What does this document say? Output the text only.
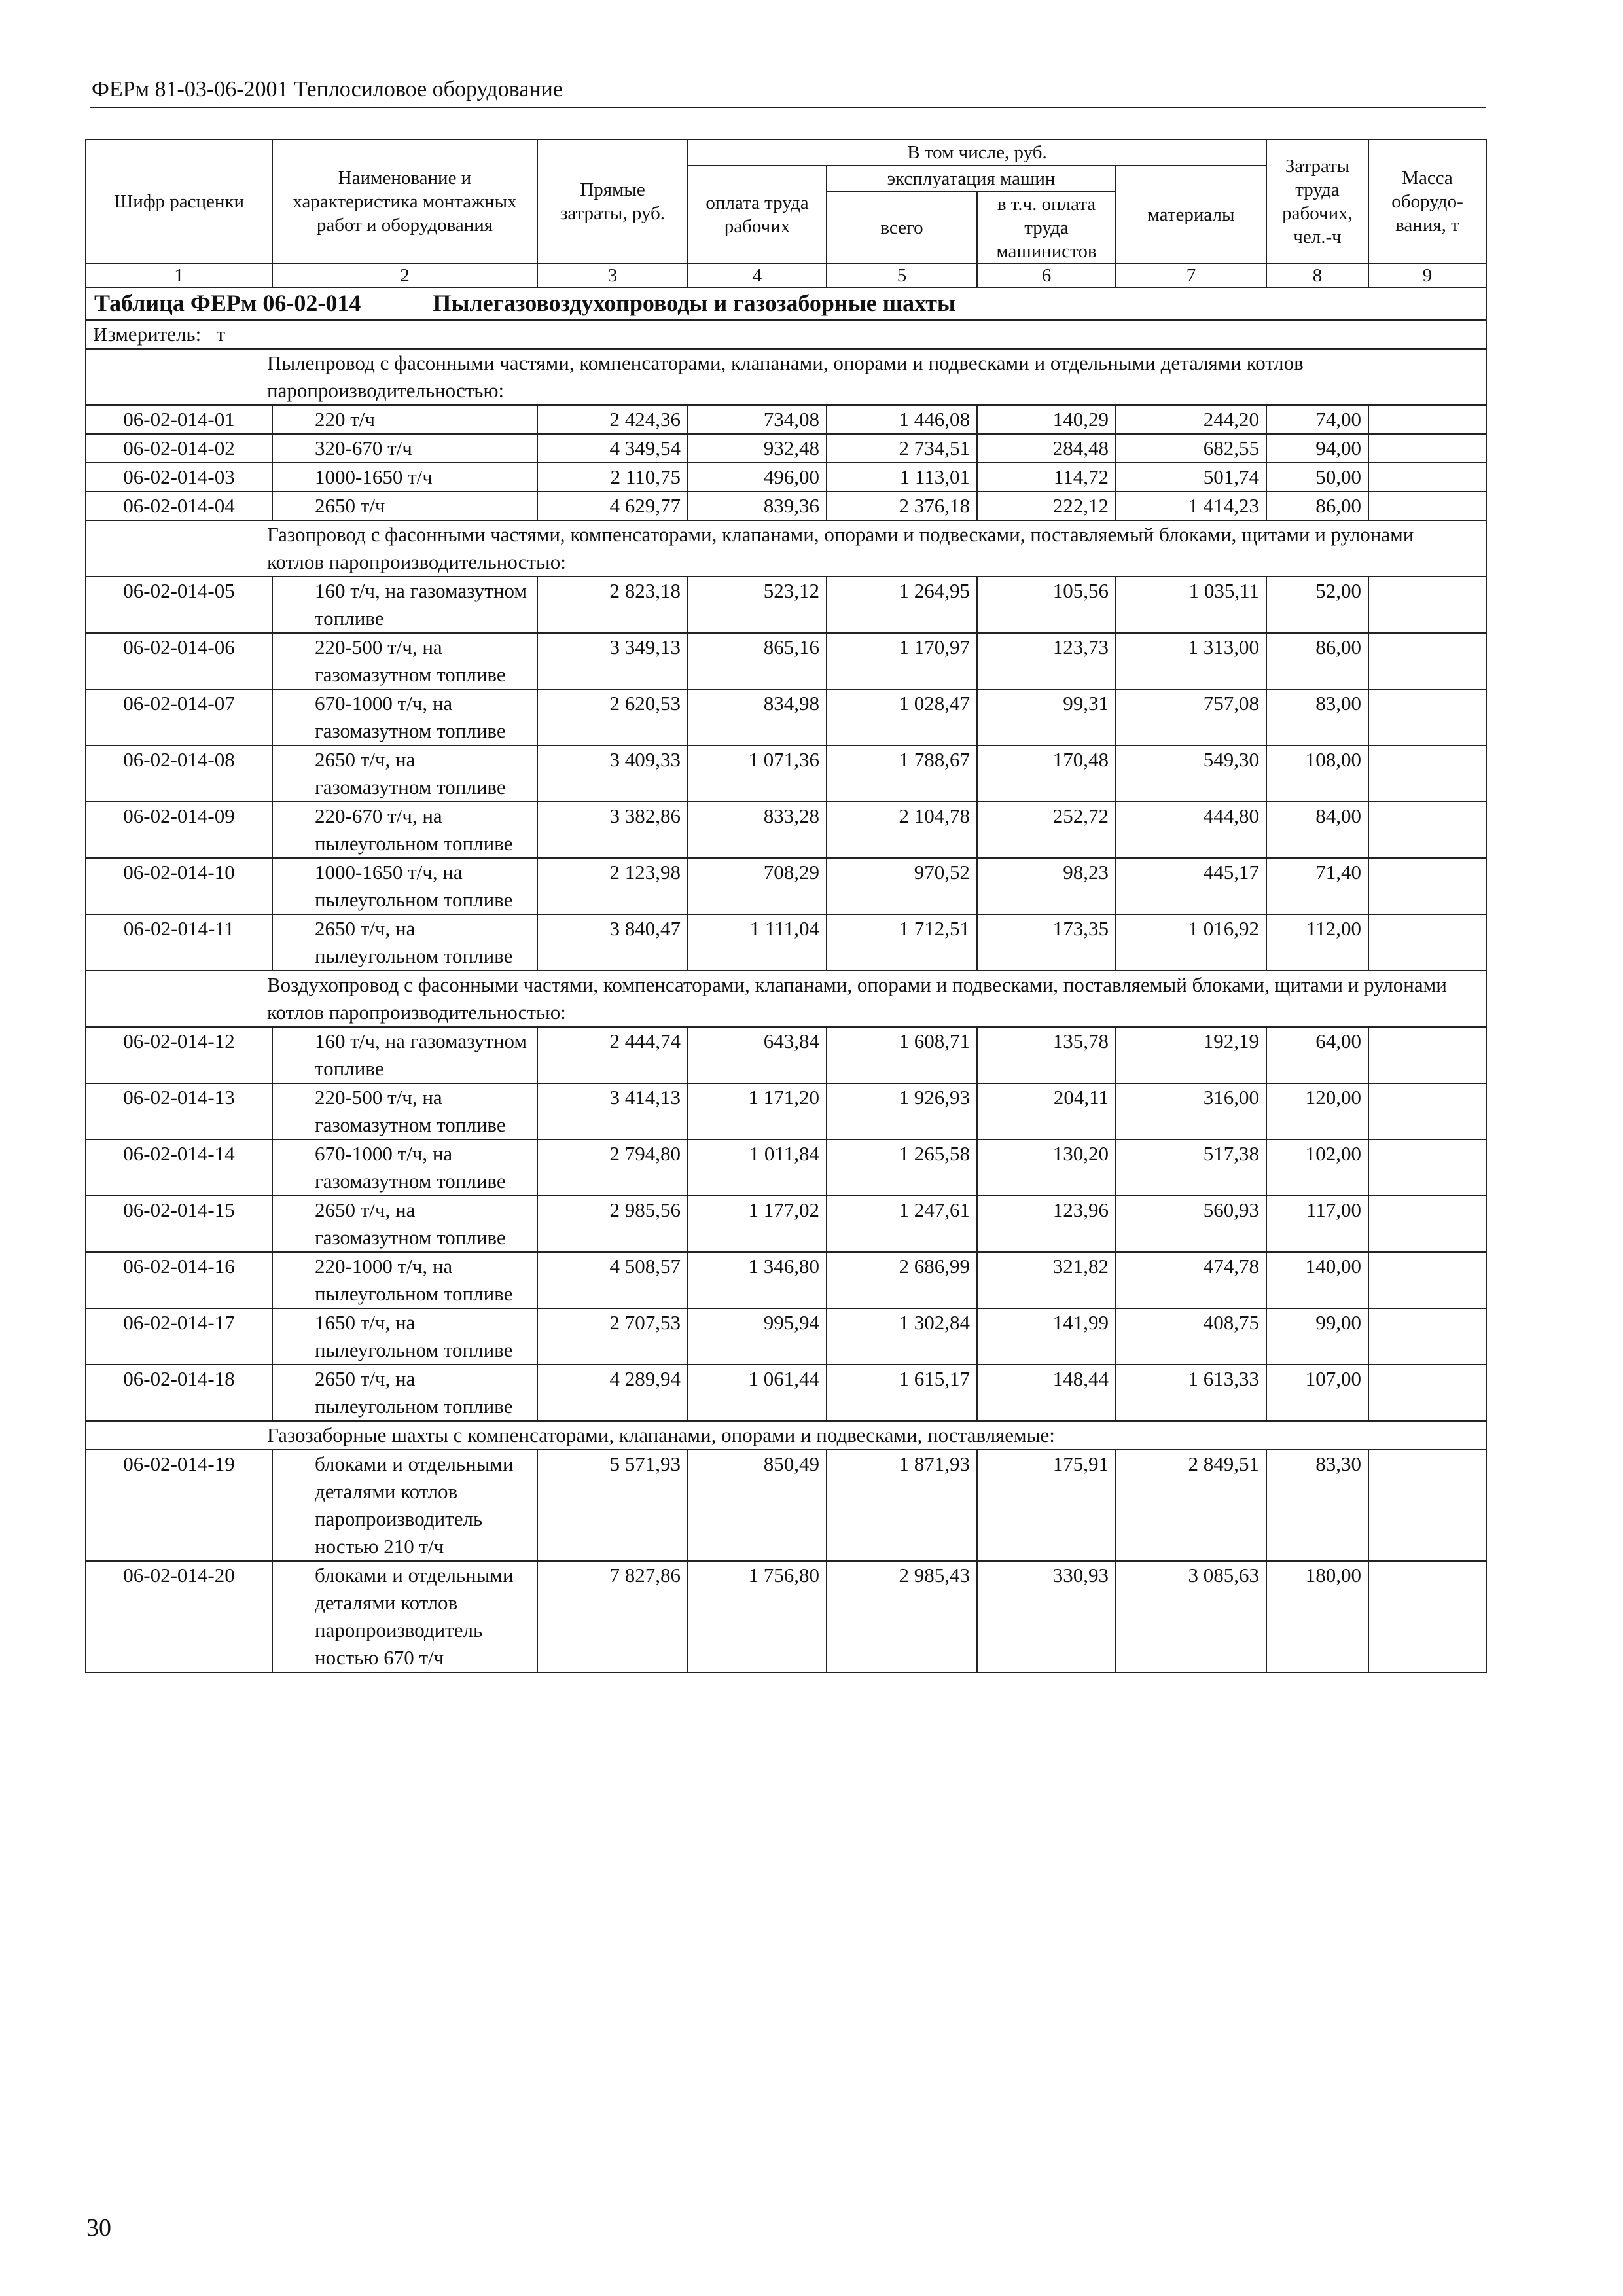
ФЕРм 81-03-06-2001 Теплосиловое оборудование
Шифр расценки	Наименование и характеристика монтажных работ и оборудования	Прямые затраты, руб.	В том числе, руб.	Затраты труда рабочих, чел.-ч	Масса оборудо-вания, т
оплата труда рабочих	эксплуатация машин	материалы
всего	в т.ч. оплата труда машинистов
1	2	3	4	5	6	7	8	9
Таблица ФЕРм 06-02-014	Пылегазовоздухопроводы и газозаборные шахты
Измеритель: т
	Пылепровод с фасонными частями, компенсаторами, клапанами, опорами и подвесками и отдельными деталями котлов паропроизводительностью:
06-02-014-01	220 т/ч	2 424,36	734,08	1 446,08	140,29	244,20	74,00	
06-02-014-02	320-670 т/ч	4 349,54	932,48	2 734,51	284,48	682,55	94,00	
06-02-014-03	1000-1650 т/ч	2 110,75	496,00	1 113,01	114,72	501,74	50,00	
06-02-014-04	2650 т/ч	4 629,77	839,36	2 376,18	222,12	1 414,23	86,00	
	Газопровод с фасонными частями, компенсаторами, клапанами, опорами и подвесками, поставляемый блоками, щитами и рулонами котлов паропроизводительностью:
06-02-014-05	160 т/ч, на газомазутном топливе	2 823,18	523,12	1 264,95	105,56	1 035,11	52,00	
06-02-014-06	220-500 т/ч, на газомазутном топливе	3 349,13	865,16	1 170,97	123,73	1 313,00	86,00	
06-02-014-07	670-1000 т/ч, на газомазутном топливе	2 620,53	834,98	1 028,47	99,31	757,08	83,00	
06-02-014-08	2650 т/ч, на газомазутном топливе	3 409,33	1 071,36	1 788,67	170,48	549,30	108,00	
06-02-014-09	220-670 т/ч, на пылеугольном топливе	3 382,86	833,28	2 104,78	252,72	444,80	84,00	
06-02-014-10	1000-1650 т/ч, на пылеугольном топливе	2 123,98	708,29	970,52	98,23	445,17	71,40	
06-02-014-11	2650 т/ч, на пылеугольном топливе	3 840,47	1 111,04	1 712,51	173,35	1 016,92	112,00	
	Воздухопровод с фасонными частями, компенсаторами, клапанами, опорами и подвесками, поставляемый блоками, щитами и рулонами котлов паропроизводительностью:
06-02-014-12	160 т/ч, на газомазутном топливе	2 444,74	643,84	1 608,71	135,78	192,19	64,00	
06-02-014-13	220-500 т/ч, на газомазутном топливе	3 414,13	1 171,20	1 926,93	204,11	316,00	120,00	
06-02-014-14	670-1000 т/ч, на газомазутном топливе	2 794,80	1 011,84	1 265,58	130,20	517,38	102,00	
06-02-014-15	2650 т/ч, на газомазутном топливе	2 985,56	1 177,02	1 247,61	123,96	560,93	117,00	
06-02-014-16	220-1000 т/ч, на пылеугольном топливе	4 508,57	1 346,80	2 686,99	321,82	474,78	140,00	
06-02-014-17	1650 т/ч, на пылеугольном топливе	2 707,53	995,94	1 302,84	141,99	408,75	99,00	
06-02-014-18	2650 т/ч, на пылеугольном топливе	4 289,94	1 061,44	1 615,17	148,44	1 613,33	107,00	
	Газозаборные шахты с компенсаторами, клапанами, опорами и подвесками, поставляемые:
06-02-014-19	блоками и отдельными деталями котлов паропроизводитель ностью 210 т/ч	5 571,93	850,49	1 871,93	175,91	2 849,51	83,30	
06-02-014-20	блоками и отдельными деталями котлов паропроизводитель ностью 670 т/ч	7 827,86	1 756,80	2 985,43	330,93	3 085,63	180,00	
30
